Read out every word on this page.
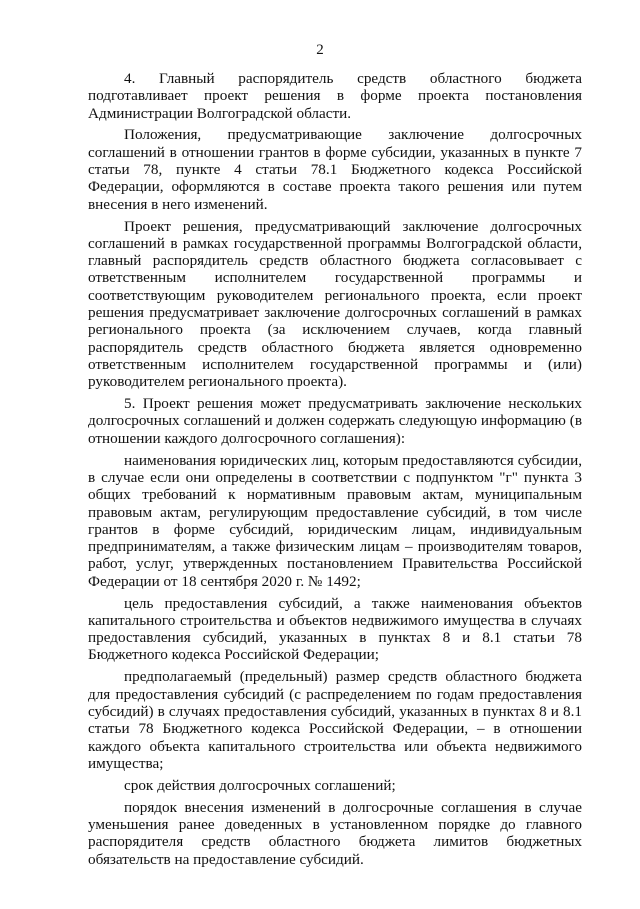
2

4. Главный распорядитель средств областного бюджета подготавливает проект решения в форме проекта постановления Администрации Волгоградской области.

Положения, предусматривающие заключение долгосрочных соглашений в отношении грантов в форме субсидии, указанных в пункте 7 статьи 78, пункте 4 статьи 78.1 Бюджетного кодекса Российской Федерации, оформляются в составе проекта такого решения или путем внесения в него изменений.

Проект решения, предусматривающий заключение долгосрочных соглашений в рамках государственной программы Волгоградской области, главный распорядитель средств областного бюджета согласовывает с ответственным исполнителем государственной программы и соответствующим руководителем регионального проекта, если проект решения предусматривает заключение долгосрочных соглашений в рамках регионального проекта (за исключением случаев, когда главный распорядитель средств областного бюджета является одновременно ответственным исполнителем государственной программы и (или) руководителем регионального проекта).

5. Проект решения может предусматривать заключение нескольких долгосрочных соглашений и должен содержать следующую информацию (в отношении каждого долгосрочного соглашения):

наименования юридических лиц, которым предоставляются субсидии, в случае если они определены в соответствии с подпунктом "г" пункта 3 общих требований к нормативным правовым актам, муниципальным правовым актам, регулирующим предоставление субсидий, в том числе грантов в форме субсидий, юридическим лицам, индивидуальным предпринимателям, а также физическим лицам – производителям товаров, работ, услуг, утвержденных постановлением Правительства Российской Федерации от 18 сентября 2020 г. № 1492;

цель предоставления субсидий, а также наименования объектов капитального строительства и объектов недвижимого имущества в случаях предоставления субсидий, указанных в пунктах 8 и 8.1 статьи 78 Бюджетного кодекса Российской Федерации;

предполагаемый (предельный) размер средств областного бюджета для предоставления субсидий (с распределением по годам предоставления субсидий) в случаях предоставления субсидий, указанных в пунктах 8 и 8.1 статьи 78 Бюджетного кодекса Российской Федерации, – в отношении каждого объекта капитального строительства или объекта недвижимого имущества;

срок действия долгосрочных соглашений;

порядок внесения изменений в долгосрочные соглашения в случае уменьшения ранее доведенных в установленном порядке до главного распорядителя средств областного бюджета лимитов бюджетных обязательств на предоставление субсидий.
